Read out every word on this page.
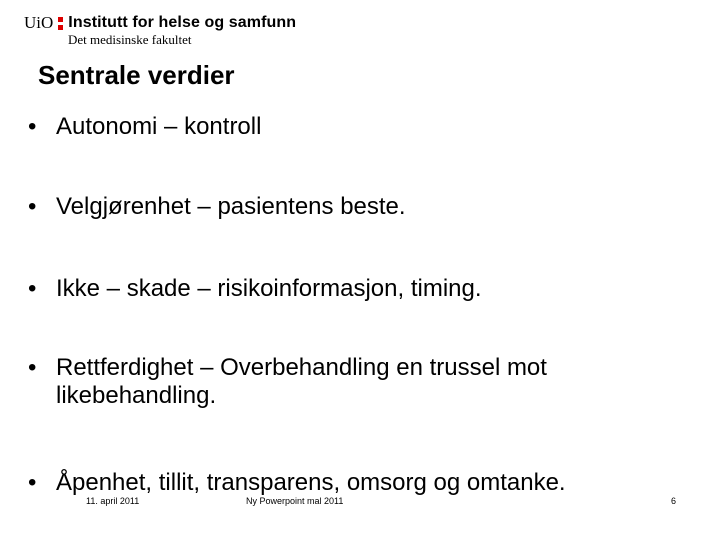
UiO Institutt for helse og samfunn
Det medisinske fakultet
Sentrale verdier
• Autonomi – kontroll
• Velgjørenhet – pasientens beste.
• Ikke – skade – risikoinformasjon, timing.
• Rettferdighet – Overbehandling en trussel mot likebehandling.
• Åpenhet, tillit, transparens, omsorg og omtanke.
11. april 2011	Ny Powerpoint mal 2011	6
